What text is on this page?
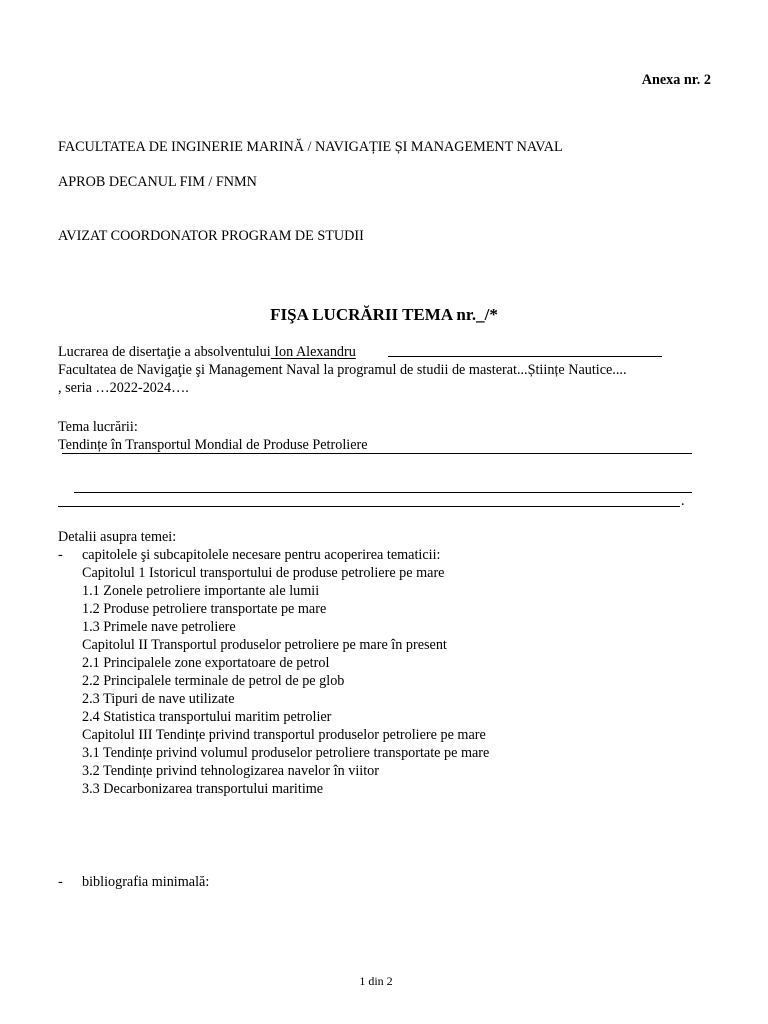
Anexa nr. 2
FACULTATEA DE INGINERIE MARINĂ / NAVIGAȚIE ȘI MANAGEMENT NAVAL
APROB DECANUL FIM / FNMN
AVIZAT COORDONATOR PROGRAM DE STUDII
FIŞA LUCRĂRII TEMA nr._/*
Lucrarea de disertaţie a absolventului Ion Alexandru
Facultatea de Navigaţie şi Management Naval la programul de studii de masterat...Științe Nautice....
, seria …2022-2024….
Tema lucrării:
Tendințe în Transportul Mondial de Produse Petroliere
.
Detalii asupra temei:
- capitolele şi subcapitolele necesare pentru acoperirea tematicii:
Capitolul 1 Istoricul transportului de produse petroliere pe mare
1.1 Zonele petroliere importante ale lumii
1.2 Produse petroliere transportate pe mare
1.3 Primele nave petroliere
Capitolul II Transportul produselor petroliere pe mare în present
2.1 Principalele zone exportatoare de petrol
2.2 Principalele terminale de petrol de pe glob
2.3 Tipuri de nave utilizate
2.4 Statistica transportului maritim petrolier
Capitolul III Tendințe privind transportul produselor petroliere pe mare
3.1 Tendințe privind volumul produselor petroliere transportate pe mare
3.2 Tendințe privind tehnologizarea navelor în viitor
3.3 Decarbonizarea transportului maritime
- bibliografia minimală:
1 din 2
